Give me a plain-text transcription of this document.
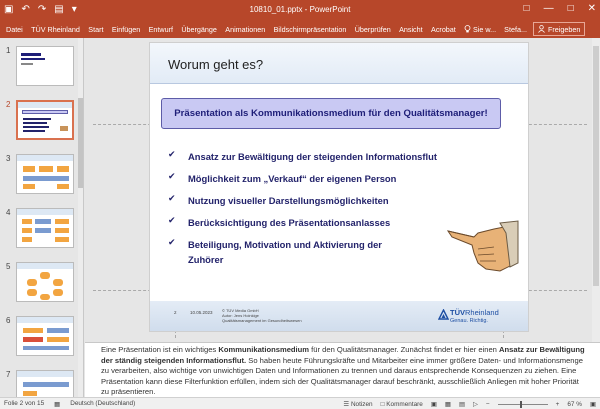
▣ ↶ ↷ ▤ ▾	10810_01.pptx - PowerPoint	□ — □ ✕
Datei	TÜV Rheinland	Start	Einfügen	Entwurf	Übergänge	Animationen	Bildschirmpräsentation	Überprüfen	Ansicht	Acrobat	Sie w...	Stefa...	Freigeben
1
2
3
4
5
6
7
Worum geht es?
Präsentation als Kommunikationsmedium für den Qualitätsmanager!
✔	Ansatz zur Bewältigung der steigenden Informationsflut
✔	Möglichkeit zum „Verkauf“ der eigenen Person
✔	Nutzung visueller Darstellungsmöglichkeiten
✔	Berücksichtigung des Präsentationsanlasses
✔	Beteiligung, Motivation und Aktivierung der Zuhörer
2	10.05.2023 © TÜV Media GmbH
Autor: Jens Hoinkige
Qualitätsmanagement im Gesundheitswesen
TÜVRheinland
Genau. Richtig.
Eine Präsentation ist ein wichtiges Kommunikationsmedium für den Qualitätsmanager. Zunächst findet er hier einen Ansatz zur Bewältigung der ständig steigenden Informationsflut. So haben heute Führungskräfte und Mitarbeiter eine immer größere Daten- und Informationsmenge zu verarbeiten, also wichtige von unwichtigen Daten und Informationen zu trennen und daraus entsprechende Konsequenzen zu ziehen. Eine Präsentation kann diese Filterfunktion erfüllen, indem sich der Qualitätsmanager darauf beschränkt, ausschließlich Anliegen mit hoher Priorität zu präsentieren.
Folie 2 von 15 ▦ Deutsch (Deutschland)	☰ Notizen □ Kommentare ▣ ▦ ▤ ▷ −	+ 67 % ▣
